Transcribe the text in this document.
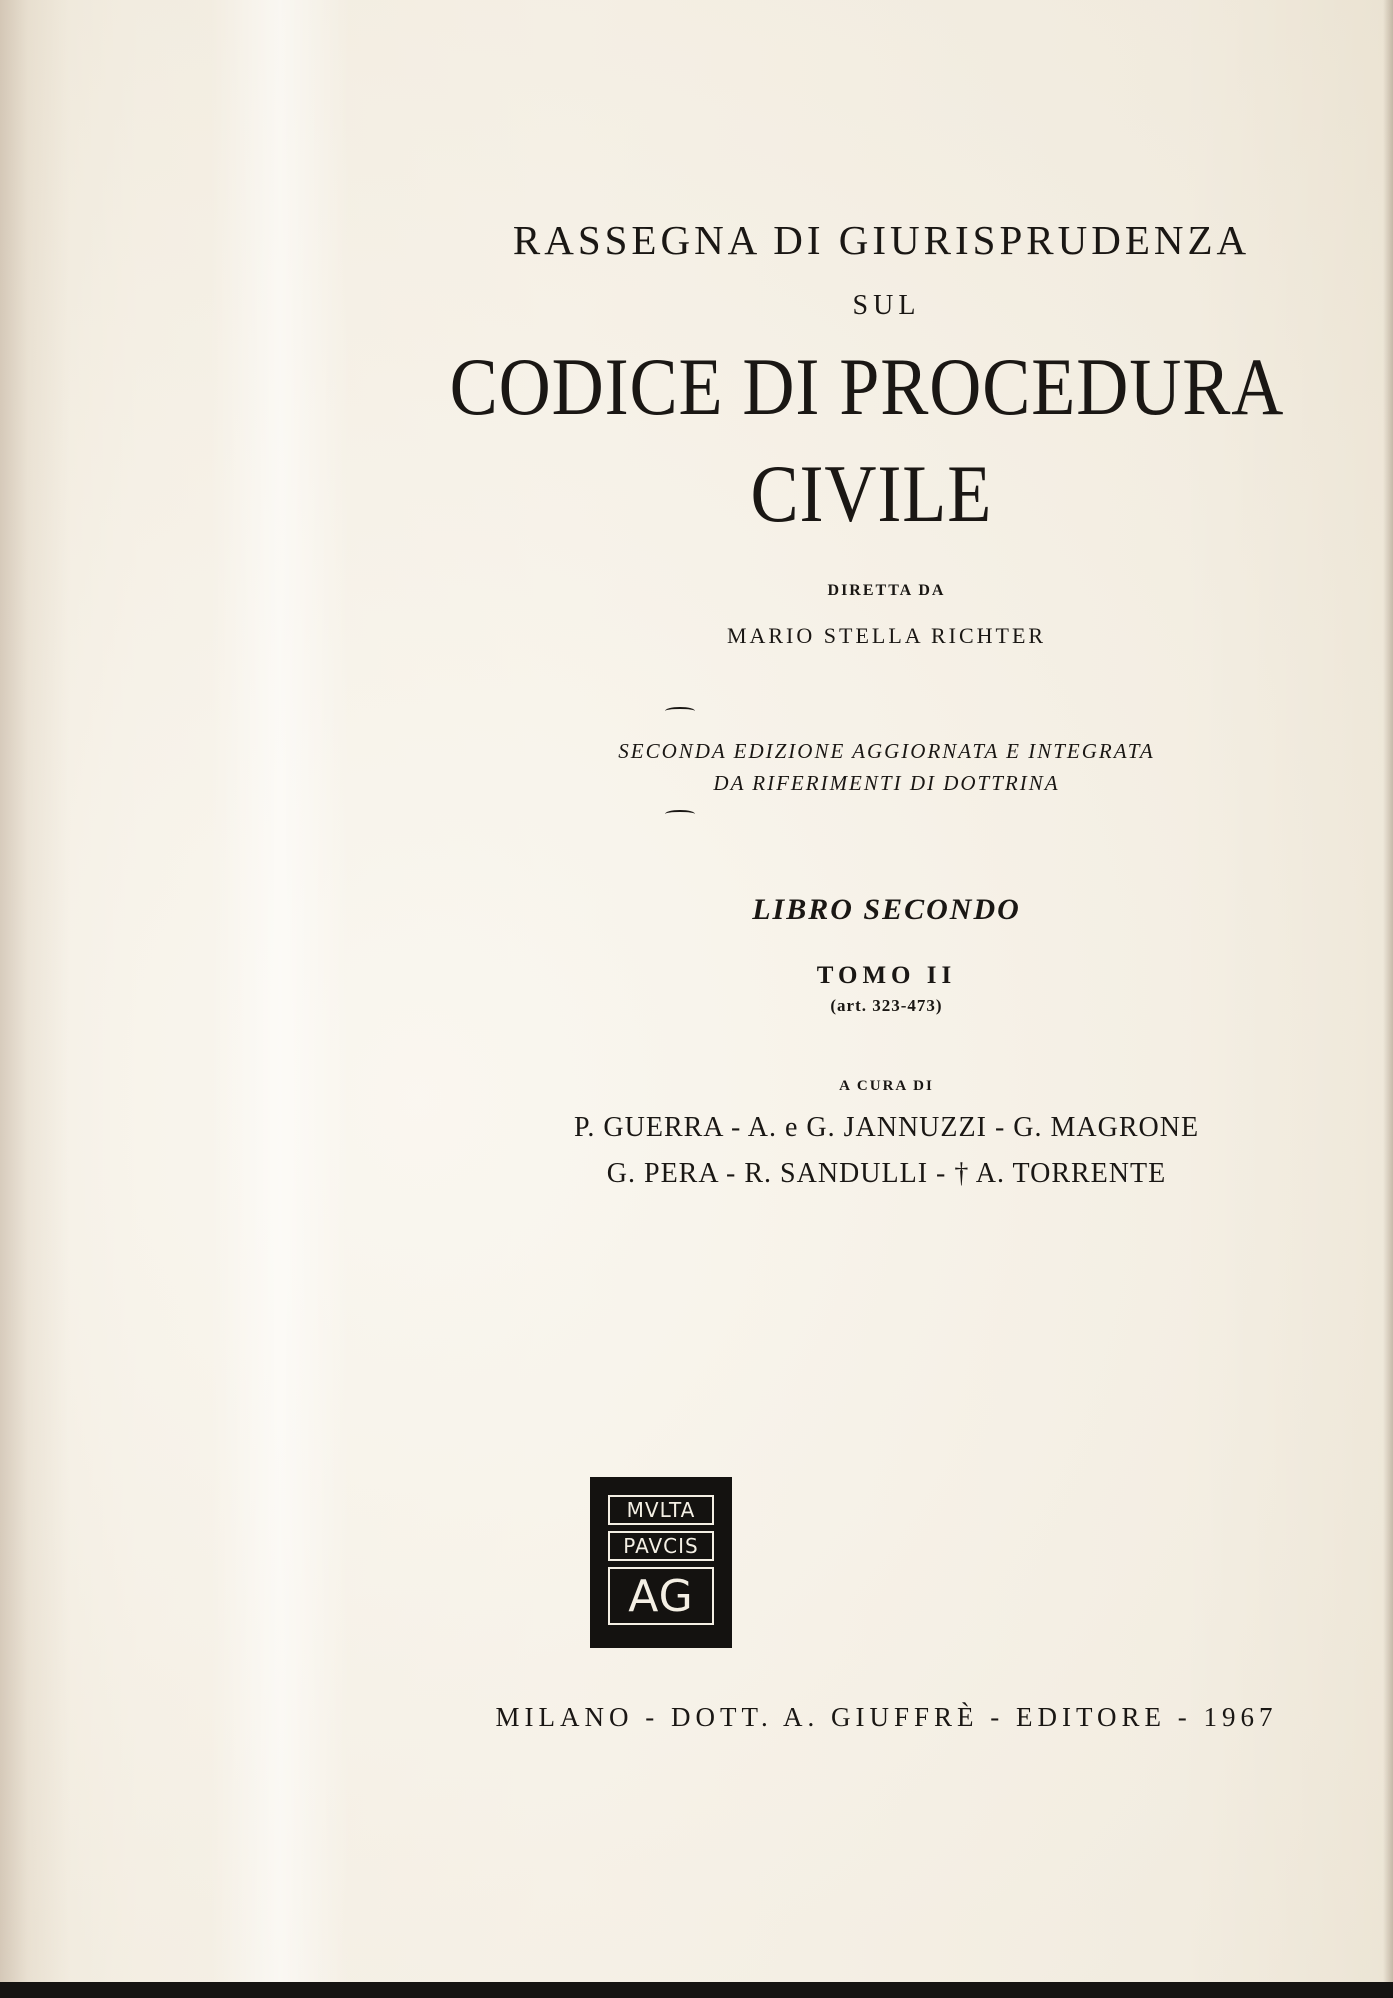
RASSEGNA DI GIURISPRUDENZA
SUL
CODICE DI PROCEDURA
CIVILE
DIRETTA DA
MARIO STELLA RICHTER
SECONDA EDIZIONE AGGIORNATA E INTEGRATA
DA RIFERIMENTI DI DOTTRINA
LIBRO SECONDO
TOMO II
(art. 323-473)
A CURA DI
P. GUERRA - A. e G. JANNUZZI - G. MAGRONE
G. PERA - R. SANDULLI - † A. TORRENTE
MVLTA
PAVCIS
AG
MILANO - DOTT. A. GIUFFRÈ - EDITORE - 1967
